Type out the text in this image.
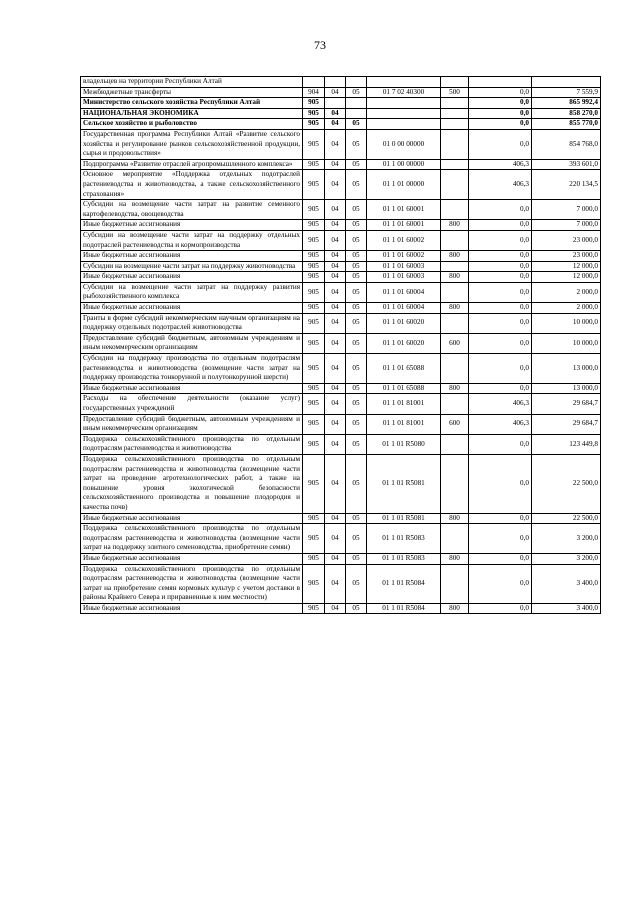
73
владельцев на территории Республики Алтай							
Межбюджетные трансферты	904	04	05	01 7 02 40300	500	0,0	7 559,9
Министерство сельского хозяйства Республики Алтай	905					0,0	865 992,4
НАЦИОНАЛЬНАЯ ЭКОНОМИКА	905	04				0,0	858 270,0
Сельское хозяйство и рыболовство	905	04	05			0,0	855 770,0
Государственная программа Республики Алтай «Развитие сельского хозяйства и регулирование рынков сельскохозяйственной продукции, сырья и продовольствия»	905	04	05	01 0 00 00000		0,0	854 768,0
Подпрограмма «Развитие отраслей агропромышленного комплекса»	905	04	05	01 1 00 00000		406,3	393 601,0
Основное мероприятие «Поддержка отдельных подотраслей растениеводства и животноводства, а также сельскохозяйственного страхования»	905	04	05	01 1 01 00000		406,3	220 134,5
Субсидии на возмещение части затрат на развитие семенного картофелеводства, овощеводства	905	04	05	01 1 01 60001		0,0	7 000,0
Иные бюджетные ассигнования	905	04	05	01 1 01 60001	800	0,0	7 000,0
Субсидии на возмещение части затрат на поддержку отдельных подотраслей растениеводства и кормопроизводства	905	04	05	01 1 01 60002		0,0	23 000,0
Иные бюджетные ассигнования	905	04	05	01 1 01 60002	800	0,0	23 000,0
Субсидии на возмещение части затрат на поддержку животноводства	905	04	05	01 1 01 60003		0,0	12 000,0
Иные бюджетные ассигнования	905	04	05	01 1 01 60003	800	0,0	12 000,0
Субсидии на возмещение части затрат на поддержку развития рыбохозяйственного комплекса	905	04	05	01 1 01 60004		0,0	2 000,0
Иные бюджетные ассигнования	905	04	05	01 1 01 60004	800	0,0	2 000,0
Гранты в форме субсидий некоммерческим научным организациям на поддержку отдельных подотраслей животноводства	905	04	05	01 1 01 60020		0,0	10 000,0
Предоставление субсидий бюджетным, автономным учреждениям и иным некоммерческим организациям	905	04	05	01 1 01 60020	600	0,0	10 000,0
Субсидии на поддержку производства по отдельным подотраслям растениеводства и животноводства (возмещение части затрат на поддержку производства тонкорунной и полутонкорунной шерсти)	905	04	05	01 1 01 65088		0,0	13 000,0
Иные бюджетные ассигнования	905	04	05	01 1 01 65088	800	0,0	13 000,0
Расходы на обеспечение деятельности (оказание услуг) государственных учреждений	905	04	05	01 1 01 81001		406,3	29 684,7
Предоставление субсидий бюджетным, автономным учреждениям и иным некоммерческим организациям	905	04	05	01 1 01 81001	600	406,3	29 684,7
Поддержка сельскохозяйственного производства по отдельным подотраслям растениеводства и животноводства	905	04	05	01 1 01 R5080		0,0	123 449,8
Поддержка сельскохозяйственного производства по отдельным подотраслям растениеводства и животноводства (возмещение части затрат на проведение агротехнологических работ, а также на повышение уровня экологической безопасности сельскохозяйственного производства и повышение плодородия и качества почв)	905	04	05	01 1 01 R5081		0,0	22 500,0
Иные бюджетные ассигнования	905	04	05	01 1 01 R5081	800	0,0	22 500,0
Поддержка сельскохозяйственного производства по отдельным подотраслям растениеводства и животноводства (возмещение части затрат на поддержку элитного семеноводства, приобретение семян)	905	04	05	01 1 01 R5083		0,0	3 200,0
Иные бюджетные ассигнования	905	04	05	01 1 01 R5083	800	0,0	3 200,0
Поддержка сельскохозяйственного производства по отдельным подотраслям растениеводства и животноводства (возмещение части затрат на приобретение семян кормовых культур с учетом доставки в районы Крайнего Севера и приравненные к ним местности)	905	04	05	01 1 01 R5084		0,0	3 400,0
Иные бюджетные ассигнования	905	04	05	01 1 01 R5084	800	0,0	3 400,0
